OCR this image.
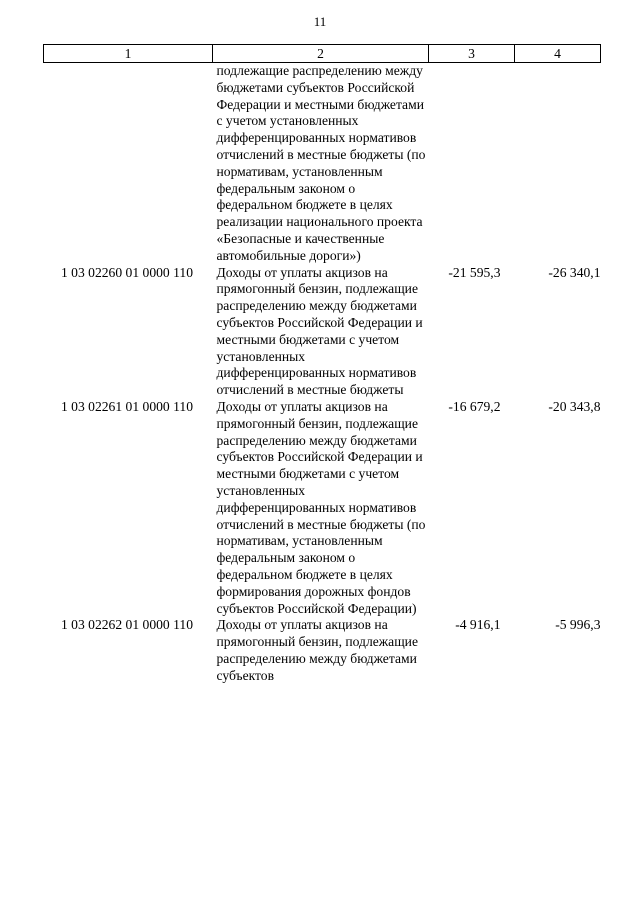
11
1	2	3	4
	подлежащие распределению между бюджетами субъектов Российской Федерации и местными бюджетами с учетом установленных дифференцированных нормативов отчислений в местные бюджеты (по нормативам, установленным федеральным законом о федеральном бюджете в целях реализации национального проекта «Безопасные и качественные автомобильные дороги»)		
1 03 02260 01 0000 110	Доходы от уплаты акцизов на прямогонный бензин, подлежащие распределению между бюджетами субъектов Российской Федерации и местными бюджетами с учетом установленных дифференцированных нормативов отчислений в местные бюджеты	-21 595,3	-26 340,1
1 03 02261 01 0000 110	Доходы от уплаты акцизов на прямогонный бензин, подлежащие распределению между бюджетами субъектов Российской Федерации и местными бюджетами с учетом установленных дифференцированных нормативов отчислений в местные бюджеты (по нормативам, установленным федеральным законом о федеральном бюджете в целях формирования дорожных фондов субъектов Российской Федерации)	-16 679,2	-20 343,8
1 03 02262 01 0000 110	Доходы от уплаты акцизов на прямогонный бензин, подлежащие распределению между бюджетами субъектов	-4 916,1	-5 996,3
